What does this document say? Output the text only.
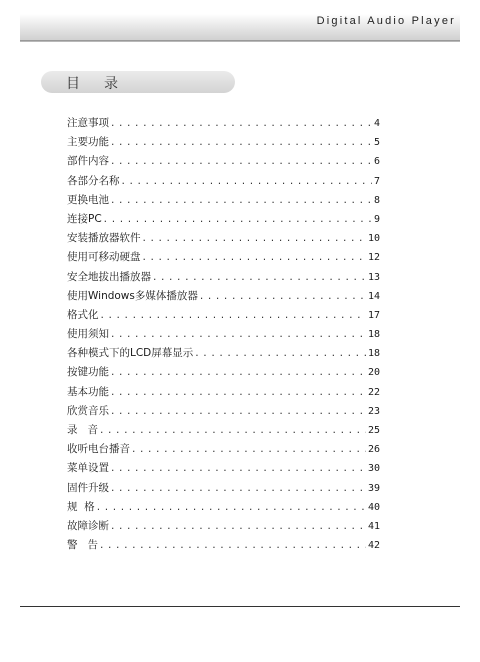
Digital Audio Player
目 录
注意事项 .....	4
主要功能 .....	5
部件内容 .....	6
各部分名称 .....	7
更换电池 .....	8
连接PC .....	9
安装播放器软件 .....	10
使用可移动硬盘 .....	12
安全地拔出播放器 .....	13
使用Windows多媒体播放器 .....	14
格式化 .....	17
使用须知 .....	18
各种模式下的LCD屏幕显示 .....	18
按键功能 .....	20
基本功能 .....	22
欣赏音乐 .....	23
录   音 .....	25
收听电台播音 .....	26
菜单设置 .....	30
固件升级 .....	39
规  格 .....	40
故障诊断 .....	41
警   告 .....	42
